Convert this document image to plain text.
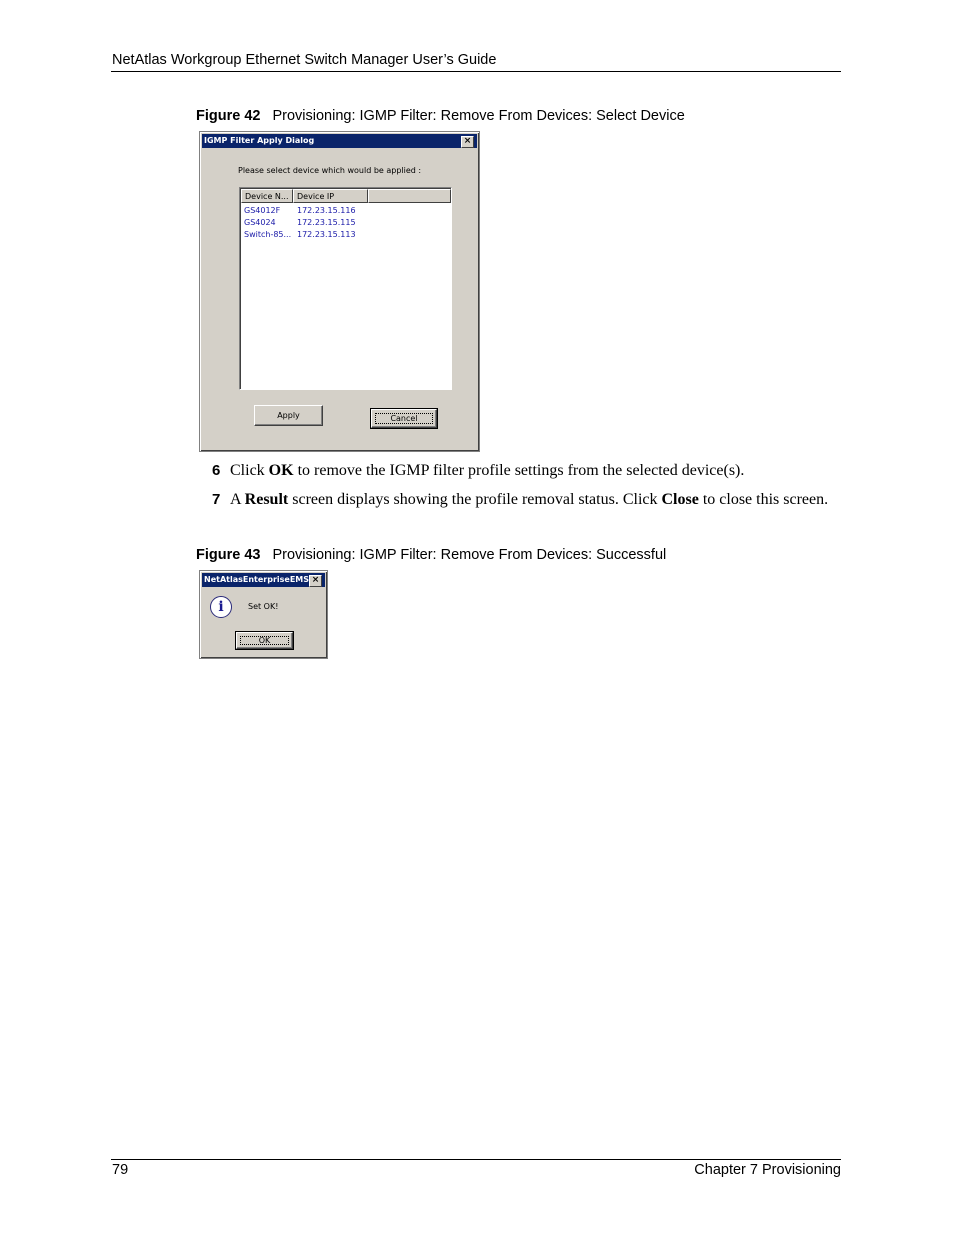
NetAtlas Workgroup Ethernet Switch Manager User’s Guide
Figure 42 Provisioning: IGMP Filter: Remove From Devices: Select Device
IGMP Filter Apply Dialog	×
Please select device which would be applied :
Device N...	Device IP
GS4012F 172.23.15.116
GS4024	172.23.15.115
Switch-85... 172.23.15.113
Apply	Cancel
6 Click OK to remove the IGMP filter profile settings from the selected device(s).
7 A Result screen displays showing the profile removal status. Click Close to close this screen.
Figure 43 Provisioning: IGMP Filter: Remove From Devices: Successful
NetAtlasEnterpriseEMS ×
i	Set OK!
OK
79	Chapter 7 Provisioning
